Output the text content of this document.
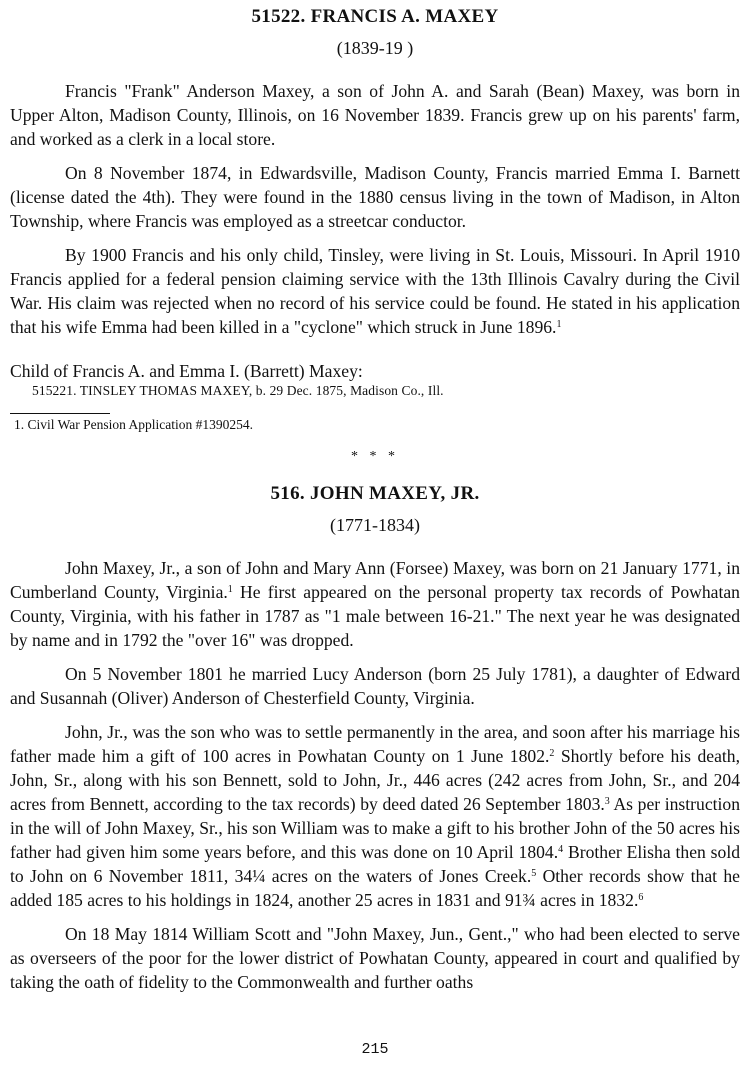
51522. FRANCIS A. MAXEY
(1839-19 )

Francis "Frank" Anderson Maxey, a son of John A. and Sarah (Bean) Maxey, was born in Upper Alton, Madison County, Illinois, on 16 November 1839. Francis grew up on his parents' farm, and worked as a clerk in a local store.

On 8 November 1874, in Edwardsville, Madison County, Francis married Emma I. Barnett (license dated the 4th). They were found in the 1880 census living in the town of Madison, in Alton Township, where Francis was employed as a streetcar conductor.

By 1900 Francis and his only child, Tinsley, were living in St. Louis, Missouri. In April 1910 Francis applied for a federal pension claiming service with the 13th Illinois Cavalry during the Civil War. His claim was rejected when no record of his service could be found. He stated in his application that his wife Emma had been killed in a "cyclone" which struck in June 1896.$^1$

Child of Francis A. and Emma I. (Barrett) Maxey:

515221. TINSLEY THOMAS MAXEY, b. 29 Dec. 1875, Madison Co., Ill.

1. Civil War Pension Application #1390254.

* * *

516. JOHN MAXEY, JR.
(1771-1834)

John Maxey, Jr., a son of John and Mary Ann (Forsee) Maxey, was born on 21 January 1771, in Cumberland County, Virginia.$^1$ He first appeared on the personal property tax records of Powhatan County, Virginia, with his father in 1787 as "1 male between 16-21." The next year he was designated by name and in 1792 the "over 16" was dropped.

On 5 November 1801 he married Lucy Anderson (born 25 July 1781), a daughter of Edward and Susannah (Oliver) Anderson of Chesterfield County, Virginia.

John, Jr., was the son who was to settle permanently in the area, and soon after his marriage his father made him a gift of 100 acres in Powhatan County on 1 June 1802.$^2$ Shortly before his death, John, Sr., along with his son Bennett, sold to John, Jr., 446 acres (242 acres from John, Sr., and 204 acres from Bennett, according to the tax records) by deed dated 26 September 1803.$^3$ As per instruction in the will of John Maxey, Sr., his son William was to make a gift to his brother John of the 50 acres his father had given him some years before, and this was done on 10 April 1804.$^4$ Brother Elisha then sold to John on 6 November 1811, 34¼ acres on the waters of Jones Creek.$^5$ Other records show that he added 185 acres to his holdings in 1824, another 25 acres in 1831 and 91¾ acres in 1832.$^6$

On 18 May 1814 William Scott and "John Maxey, Jun., Gent.," who had been elected to serve as overseers of the poor for the lower district of Powhatan County, appeared in court and qualified by taking the oath of fidelity to the Commonwealth and further oaths

215
